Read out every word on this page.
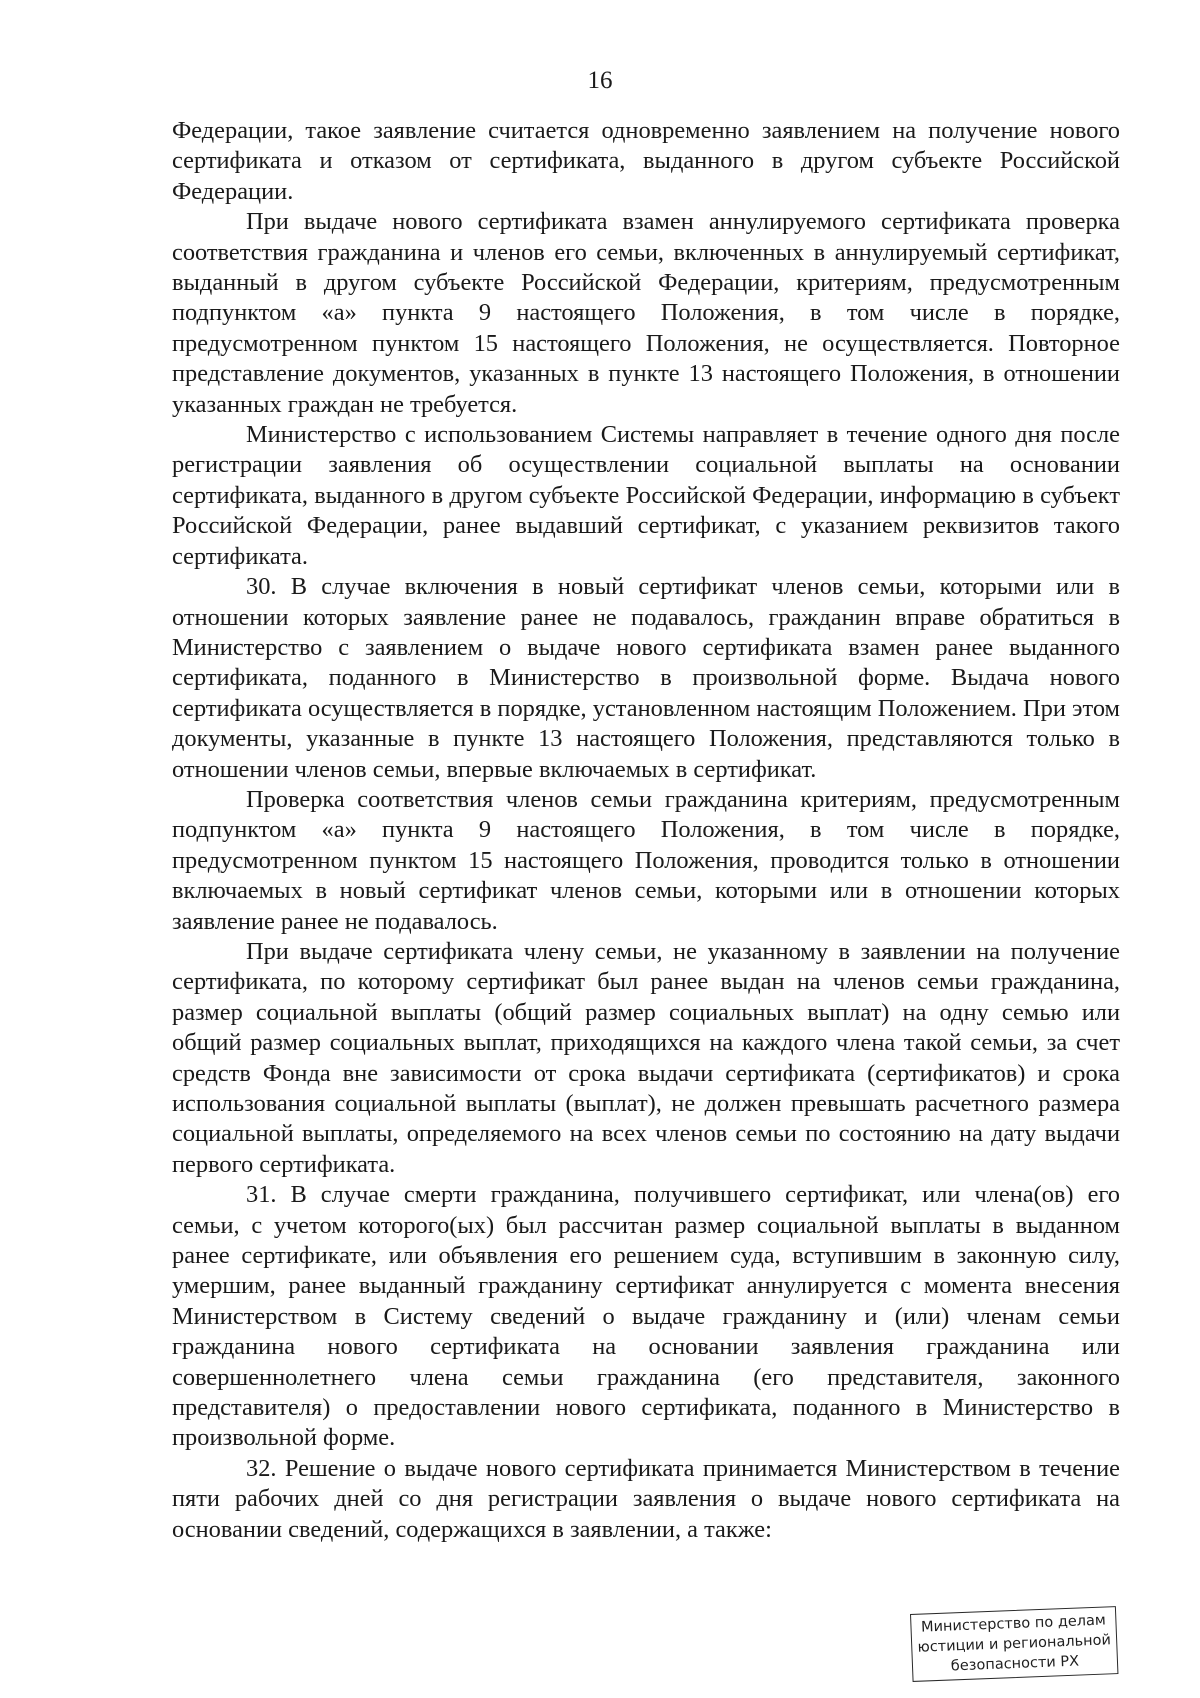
16

Федерации, такое заявление считается одновременно заявлением на получение нового сертификата и отказом от сертификата, выданного в другом субъекте Российской Федерации.

При выдаче нового сертификата взамен аннулируемого сертификата проверка соответствия гражданина и членов его семьи, включенных в аннулируемый сертификат, выданный в другом субъекте Российской Федерации, критериям, предусмотренным подпунктом «а» пункта 9 настоящего Положения, в том числе в порядке, предусмотренном пунктом 15 настоящего Положения, не осуществляется. Повторное представление документов, указанных в пункте 13 настоящего Положения, в отношении указанных граждан не требуется.

Министерство с использованием Системы направляет в течение одного дня после регистрации заявления об осуществлении социальной выплаты на основании сертификата, выданного в другом субъекте Российской Федерации, информацию в субъект Российской Федерации, ранее выдавший сертификат, с указанием реквизитов такого сертификата.

30. В случае включения в новый сертификат членов семьи, которыми или в отношении которых заявление ранее не подавалось, гражданин вправе обратиться в Министерство с заявлением о выдаче нового сертификата взамен ранее выданного сертификата, поданного в Министерство в произвольной форме. Выдача нового сертификата осуществляется в порядке, установленном настоящим Положением. При этом документы, указанные в пункте 13 настоящего Положения, представляются только в отношении членов семьи, впервые включаемых в сертификат.

Проверка соответствия членов семьи гражданина критериям, предусмотренным подпунктом «а» пункта 9 настоящего Положения, в том числе в порядке, предусмотренном пунктом 15 настоящего Положения, проводится только в отношении включаемых в новый сертификат членов семьи, которыми или в отношении которых заявление ранее не подавалось.

При выдаче сертификата члену семьи, не указанному в заявлении на получение сертификата, по которому сертификат был ранее выдан на членов семьи гражданина, размер социальной выплаты (общий размер социальных выплат) на одну семью или общий размер социальных выплат, приходящихся на каждого члена такой семьи, за счет средств Фонда вне зависимости от срока выдачи сертификата (сертификатов) и срока использования социальной выплаты (выплат), не должен превышать расчетного размера социальной выплаты, определяемого на всех членов семьи по состоянию на дату выдачи первого сертификата.

31. В случае смерти гражданина, получившего сертификат, или члена(ов) его семьи, с учетом которого(ых) был рассчитан размер социальной выплаты в выданном ранее сертификате, или объявления его решением суда, вступившим в законную силу, умершим, ранее выданный гражданину сертификат аннулируется с момента внесения Министерством в Систему сведений о выдаче гражданину и (или) членам семьи гражданина нового сертификата на основании заявления гражданина или совершеннолетнего члена семьи гражданина (его представителя, законного представителя) о предоставлении нового сертификата, поданного в Министерство в произвольной форме.

32. Решение о выдаче нового сертификата принимается Министерством в течение пяти рабочих дней со дня регистрации заявления о выдаче нового сертификата на основании сведений, содержащихся в заявлении, а также:

Министерство по делам
юстиции и региональной
безопасности РХ
